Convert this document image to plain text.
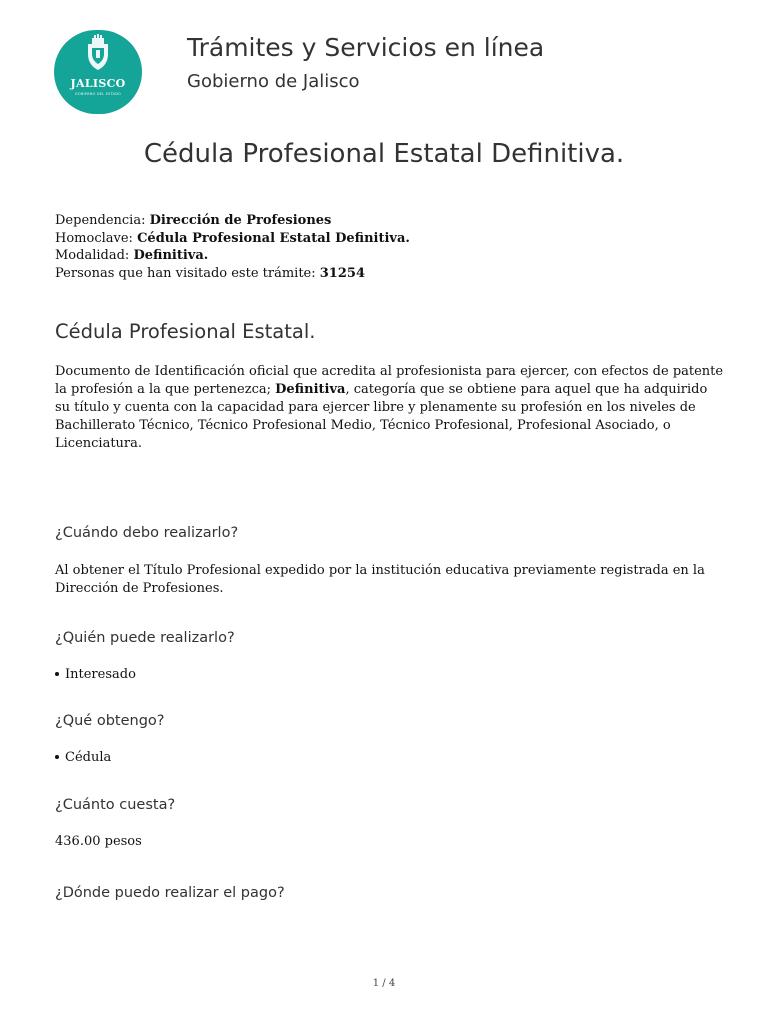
JALISCO
GOBIERNO DEL ESTADO
Trámites y Servicios en línea
Gobierno de Jalisco
Cédula Profesional Estatal Definitiva.
Dependencia: Dirección de Profesiones
Homoclave: Cédula Profesional Estatal Definitiva.
Modalidad: Definitiva.
Personas que han visitado este trámite: 31254
Cédula Profesional Estatal.
Documento de Identificación oficial que acredita al profesionista para ejercer, con efectos de patente la profesión a la que pertenezca; Definitiva, categoría que se obtiene para aquel que ha adquirido su título y cuenta con la capacidad para ejercer libre y plenamente su profesión en los niveles de Bachillerato Técnico, Técnico Profesional Medio, Técnico Profesional, Profesional Asociado, o Licenciatura.
¿Cuándo debo realizarlo?
Al obtener el Título Profesional expedido por la institución educativa previamente registrada en la Dirección de Profesiones.
¿Quién puede realizarlo?
Interesado
¿Qué obtengo?
Cédula
¿Cuánto cuesta?
436.00 pesos
¿Dónde puedo realizar el pago?
1 / 4
